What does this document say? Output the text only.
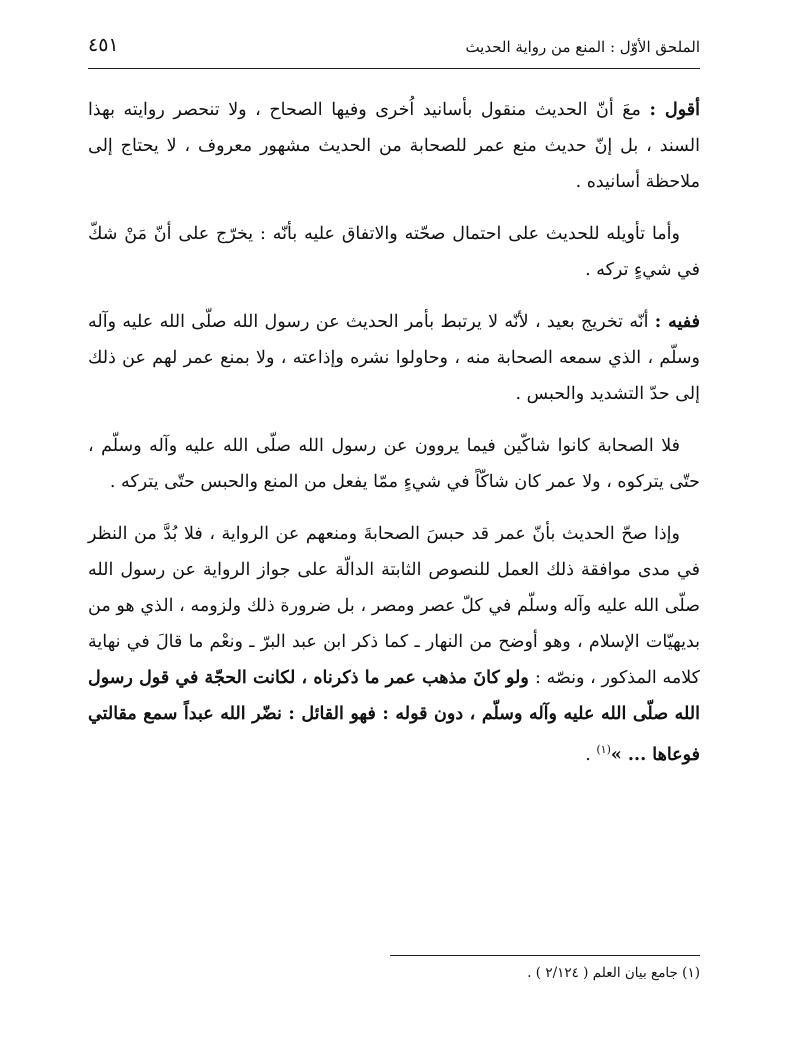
الملحق الأوّل : المنع من رواية الحديث
٤٥١

أقول : معَ أنّ الحديث منقول بأسانيد اُخرى وفيها الصحاح ، ولا تنحصر روايته بهذا السند ، بل إنّ حديث منع عمر للصحابة من الحديث مشهور معروف ، لا يحتاج إلى ملاحظة أسانيده .

وأما تأويله للحديث على احتمال صحّته والاتفاق عليه بأنّه : يخرّج على أنّ مَنْ شكّ في شيءٍ تركه .

ففيه : أنّه تخريج بعيد ، لأنّه لا يرتبط بأمر الحديث عن رسول الله صلّى الله عليه وآله وسلّم ، الذي سمعه الصحابة منه ، وحاولوا نشره وإذاعته ، ولا بمنع عمر لهم عن ذلك إلى حدّ التشديد والحبس .

فلا الصحابة كانوا شاكّين فيما يروون عن رسول الله صلّى الله عليه وآله وسلّم ، حتّى يتركوه ، ولا عمر كان شاكّاً في شيءٍ ممّا يفعل من المنع والحبس حتّى يتركه .

وإذا صحّ الحديث بأنّ عمر قد حبسَ الصحابةَ ومنعهم عن الرواية ، فلا بُدَّ من النظر في مدى موافقة ذلك العمل للنصوص الثابتة الدالّة على جواز الرواية عن رسول الله صلّى الله عليه وآله وسلّم في كلّ عصر ومصر ، بل ضرورة ذلك ولزومه ، الذي هو من بديهيّات الإسلام ، وهو أوضح من النهار ـ كما ذكر ابن عبد البرّ ـ ونعْم ما قالَ في نهاية كلامه المذكور ، ونصّه : ولو كانَ مذهب عمر ما ذكرناه ، لكانت الحجّة في قول رسول الله صلّى الله عليه وآله وسلّم ، دون قوله : فهو القائل : نضّر الله عبداً سمع مقالتي فوعاها ... »$^{(١)}$ .

(١) جامع بيان العلم ( ٢/١٢٤ ) .
